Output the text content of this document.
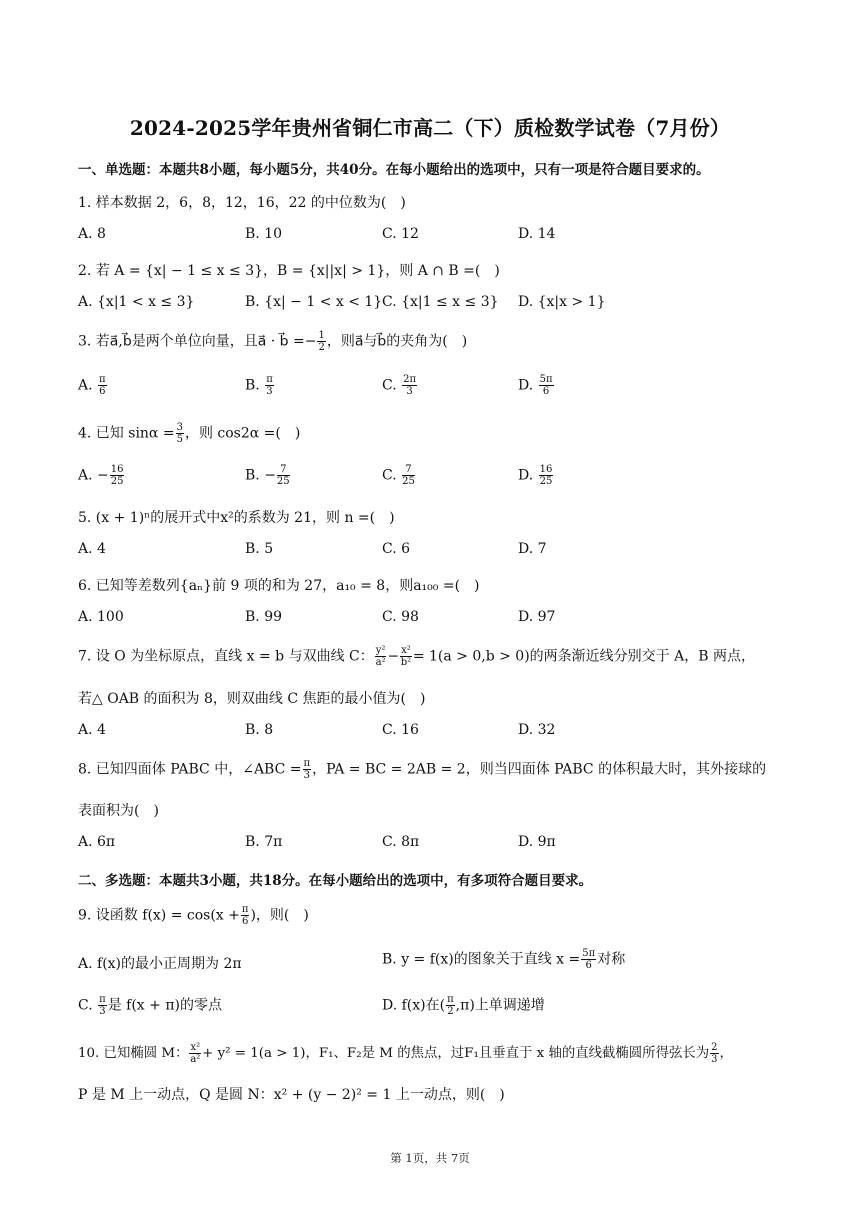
2024-2025学年贵州省铜仁市高二（下）质检数学试卷（7月份）
一、单选题：本题共8小题，每小题5分，共40分。在每小题给出的选项中，只有一项是符合题目要求的。
1. 样本数据 2，6，8，12，16，22 的中位数为(　)
A. 8	B. 10	C. 12	D. 14
2. 若 A = {x| − 1 ≤ x ≤ 3}，B = {x||x| > 1}，则 A ∩ B =(　)
A. {x|1 < x ≤ 3}	B. {x| − 1 < x < 1} C. {x|1 ≤ x ≤ 3} D. {x|x > 1}
3. 若a⃗,b⃗是两个单位向量，且a⃗ · b⃗ =− $\frac{1}{2}$ ，则a⃗与b⃗的夹角为(　)
A. $\frac{\pi}{6}$	B. $\frac{\pi}{3}$	C. $\frac{2\pi}{3}$	D. $\frac{5\pi}{6}$
4. 已知 $\sin\alpha = \frac{3}{5}$ ，则 cos2α =(　)
A. − $\frac{16}{25}$	B. − $\frac{7}{25}$	C. $\frac{7}{25}$	D. $\frac{16}{25}$
5. (x + 1)ⁿ的展开式中x²的系数为 21，则 n =(　)
A. 4	B. 5	C. 6	D. 7
6. 已知等差数列{aₙ}前 9 项的和为 27，a₁₀ = 8，则a₁₀₀ =(　)
A. 100	B. 99	C. 98	D. 97
7. 设 O 为坐标原点，直线 x = b 与双曲线 C： $\frac{\text{y²}}{\text{a²}} - \frac{\text{x²}}{\text{b²}} = 1(a > 0,b > 0)$的两条渐近线分别交于 A，B 两点，
若△ OAB 的面积为 8，则双曲线 C 焦距的最小值为(　)
A. 4	B. 8	C. 16	D. 32
8. 已知四面体 PABC 中，∠ABC = $\frac{\pi}{3}$ ，PA = BC = 2AB = 2，则当四面体 PABC 的体积最大时，其外接球的
表面积为(　)
A. 6π	B. 7π	C. 8π	D. 9π
二、多选题：本题共3小题，共18分。在每小题给出的选项中，有多项符合题目要求。
9. 设函数 $f(x) = \cos(x + \frac{\pi}{6}$ )，则(　)
A. f(x)的最小正周期为 2π	B. y = f(x)的图象关于直线 $x = \frac{5\pi}{6}$ 对称
C. $\frac{\pi}{3}$ 是 f(x + π)的零点	D. f(x)在( $\frac{\pi}{2} ,\pi$)上单调递增
10. 已知椭圆 M： $\frac{\text{x²}}{\text{a²}} + y^2 = 1(a > 1)$，F₁、F₂是 M 的焦点，过F₁且垂直于 x 轴的直线截椭圆所得弦长为 $\frac{2}{3}$ ，
P 是 M 上一动点，Q 是圆 N：x² + (y − 2)² = 1 上一动点，则(　)
第 1页，共 7页
